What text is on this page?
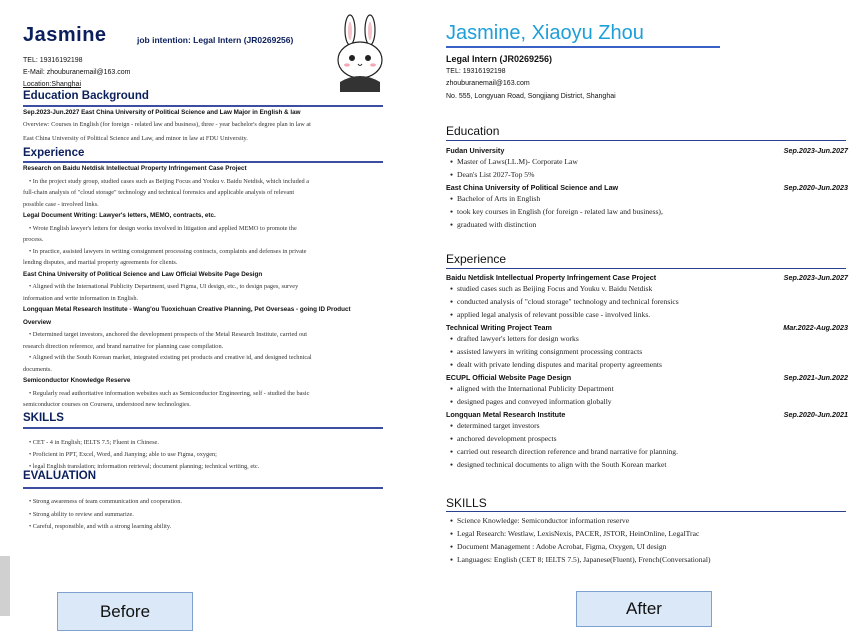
Jasmine	job intention: Legal Intern (JR0269256)
TEL: 19316192198
E-Mail: zhouburanemail@163.com
Location:Shanghai
Education Background
Sep.2023-Jun.2027 East China University of Political Science and Law Major in English & law
Overview: Courses in English (for foreign - related law and business), three - year bachelor's degree plan in law at
East China University of Political Science and Law, and minor in law at FDU University.
Experience
Research on Baidu Netdisk Intellectual Property Infringement Case Project
• In the project study group, studied cases such as Beijing Focus and Youku v. Baidu Netdisk, which included a
full-chain analysis of "cloud storage" technology and technical forensics and applicable analysis of relevant
possible case - involved links.
Legal Document Writing: Lawyer's letters, MEMO, contracts, etc.
• Wrote English lawyer's letters for design works involved in litigation and applied MEMO to promote the
process.
• In practice, assisted lawyers in writing consignment processing contracts, complaints and defenses in private
lending disputes, and marital property agreements for clients.
East China University of Political Science and Law Official Website Page Design
• Aligned with the International Publicity Department, used Figma, UI design, etc., to design pages, survey
information and write information in English.
Longquan Metal Research Institute - Wang'ou Tuoxichuan Creative Planning, Pet Overseas - going ID Product
Overview
• Determined target investors, anchored the development prospects of the Metal Research Institute, carried out
research direction reference, and brand narrative for planning case compilation.
• Aligned with the South Korean market, integrated existing pet products and creative id, and designed technical
documents.
Semiconductor Knowledge Reserve
• Regularly read authoritative information websites such as Semiconductor Engineering, self - studied the basic
semiconductor courses on Coursera, understood new technologies.
SKILLS
• CET - 4 in English; IELTS 7.5; Fluent in Chinese.
• Proficient in PPT, Excel, Word, and Jianying; able to use Figma, oxygen;
• legal English translation; information retrieval; document planning; technical writing, etc.
EVALUATION
• Strong awareness of team communication and cooperation.
• Strong ability to review and summarize.
• Careful, responsible, and with a strong learning ability.
Jasmine, Xiaoyu Zhou
Legal Intern (JR0269256)
TEL: 19316192198
zhouburanemail@163.com
No. 555, Longyuan Road, Songjiang District, Shanghai
Education
Fudan University	Sep.2023-Jun.2027
● Master of Laws(LL.M)- Corporate Law
● Dean's List 2027-Top 5%
East China University of Political Science and Law	Sep.2020-Jun.2023
● Bachelor of Arts in English
● took key courses in English (for foreign - related law and business),
● graduated with distinction
Experience
Baidu Netdisk Intellectual Property Infringement Case Project	Sep.2023-Jun.2027
● studied cases such as Beijing Focus and Youku v. Baidu Netdisk
● conducted analysis of "cloud storage" technology and technical forensics
● applied legal analysis of relevant possible case - involved links.
Technical Writing Project Team	Mar.2022-Aug.2023
● drafted lawyer's letters for design works
● assisted lawyers in writing consignment processing contracts
● dealt with private lending disputes and marital property agreements
ECUPL Official Website Page Design	Sep.2021-Jun.2022
● aligned with the International Publicity Department
● designed pages and conveyed information globally
Longquan Metal Research Institute	Sep.2020-Jun.2021
● determined target investors
● anchored development prospects
● carried out research direction reference and brand narrative for planning.
● designed technical documents to align with the South Korean market
SKILLS
● Science Knowledge: Semiconductor information reserve
● Legal Research: Westlaw, LexisNexis, PACER, JSTOR, HeinOnline, LegalTrac
● Document Management : Adobe Acrobat, Figma, Oxygen, UI design
● Languages: English (CET 8; IELTS 7.5), Japanese(Fluent), French(Conversational)
Before	After
